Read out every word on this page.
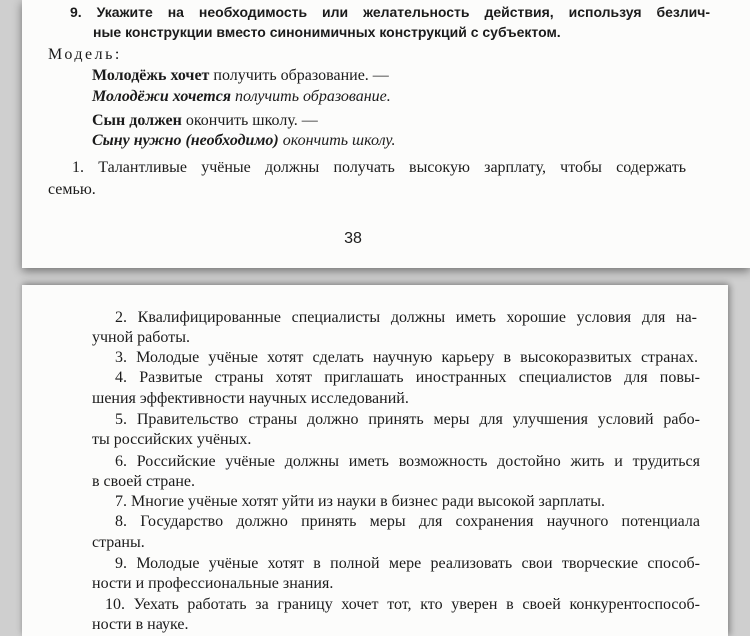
9. Укажите на необходимость или желательность действия, используя безлич-
ные конструкции вместо синонимичных конструкций с субъектом.
Модель:
Молодёжь хочет получить образование. —
Молодёжи хочется получить образование.
Сын должен окончить школу. —
Сыну нужно (необходимо) окончить школу.
1. Талантливые учёные должны получать высокую зарплату, чтобы содержать
семью.
38
2. Квалифицированные специалисты должны иметь хорошие условия для на-
учной работы.
3. Молодые учёные хотят сделать научную карьеру в высокоразвитых странах.
4. Развитые страны хотят приглашать иностранных специалистов для повы-
шения эффективности научных исследований.
5. Правительство страны должно принять меры для улучшения условий рабо-
ты российских учёных.
6. Российские учёные должны иметь возможность достойно жить и трудиться
в своей стране.
7. Многие учёные хотят уйти из науки в бизнес ради высокой зарплаты.
8. Государство должно принять меры для сохранения научного потенциала
страны.
9. Молодые учёные хотят в полной мере реализовать свои творческие способ-
ности и профессиональные знания.
10. Уехать работать за границу хочет тот, кто уверен в своей конкурентоспособ-
ности в науке.
